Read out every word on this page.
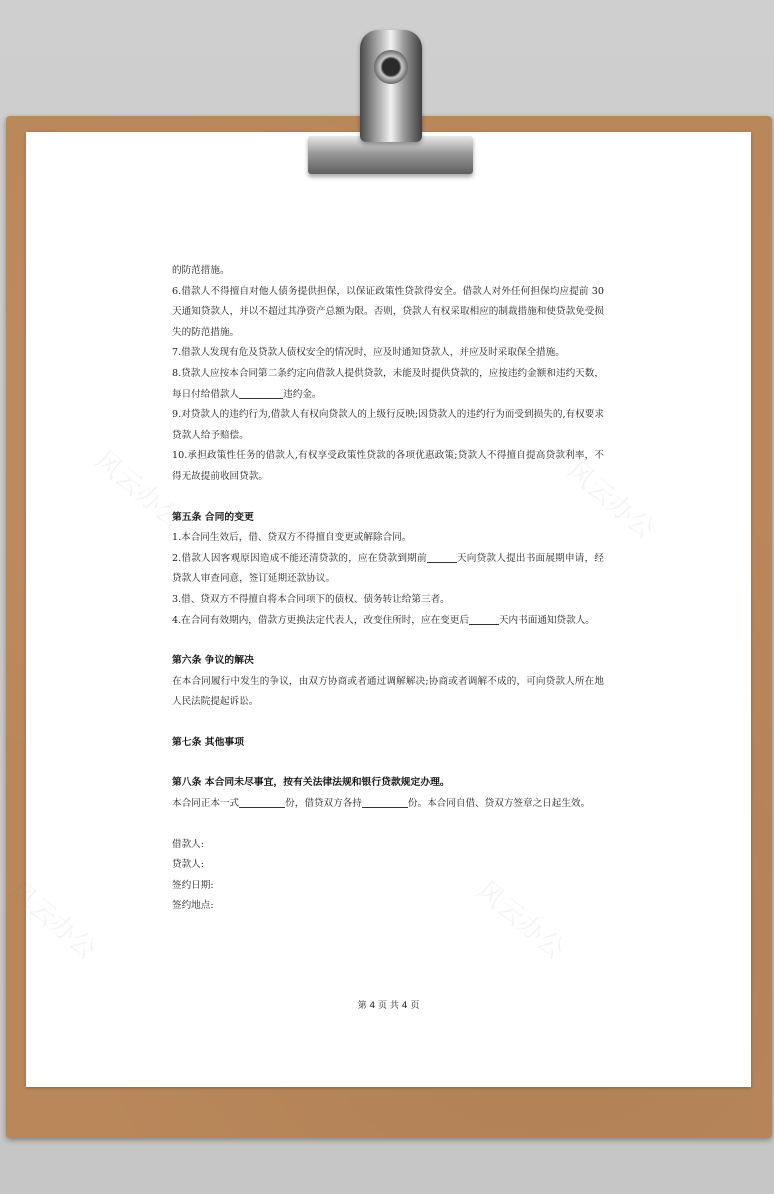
风云办公	风云办公
风云办公	风云办公

的防范措施。

6.借款人不得擅自对他人债务提供担保，以保证政策性贷款得安全。借款人对外任何担保均应提前 30 天通知贷款人，并以不超过其净资产总额为限。否则，贷款人有权采取相应的制裁措施和使贷款免受损失的防范措施。

7.借款人发现有危及贷款人债权安全的情况时，应及时通知贷款人，并应及时采取保全措施。

8.贷款人应按本合同第二条约定向借款人提供贷款，未能及时提供贷款的，应按违约金额和违约天数，每日付给借款人	违约金。

9.对贷款人的违约行为,借款人有权向贷款人的上级行反映;因贷款人的违约行为而受到损失的,有权要求贷款人给予赔偿。

10.承担政策性任务的借款人,有权享受政策性贷款的各项优惠政策;贷款人不得擅自提高贷款利率，不得无故提前收回贷款。

第五条 合同的变更

1.本合同生效后，借、贷双方不得擅自变更或解除合同。

2.借款人因客观原因造成不能还清贷款的，应在贷款到期前	天向贷款人提出书面展期申请，经贷款人审查同意，签订延期还款协议。

3.借、贷双方不得擅自将本合同项下的债权、债务转让给第三者。

4.在合同有效期内，借款方更换法定代表人，改变住所时，应在变更后	天内书面通知贷款人。

第六条 争议的解决

在本合同履行中发生的争议，由双方协商或者通过调解解决;协商或者调解不成的，可向贷款人所在地人民法院提起诉讼。

第七条 其他事项
第八条 本合同未尽事宜，按有关法律法规和银行贷款规定办理。

本合同正本一式	份，借贷双方各持	份。本合同自借、贷双方签章之日起生效。

借款人:

贷款人:

签约日期:

签约地点:

第 4 页 共 4 页
